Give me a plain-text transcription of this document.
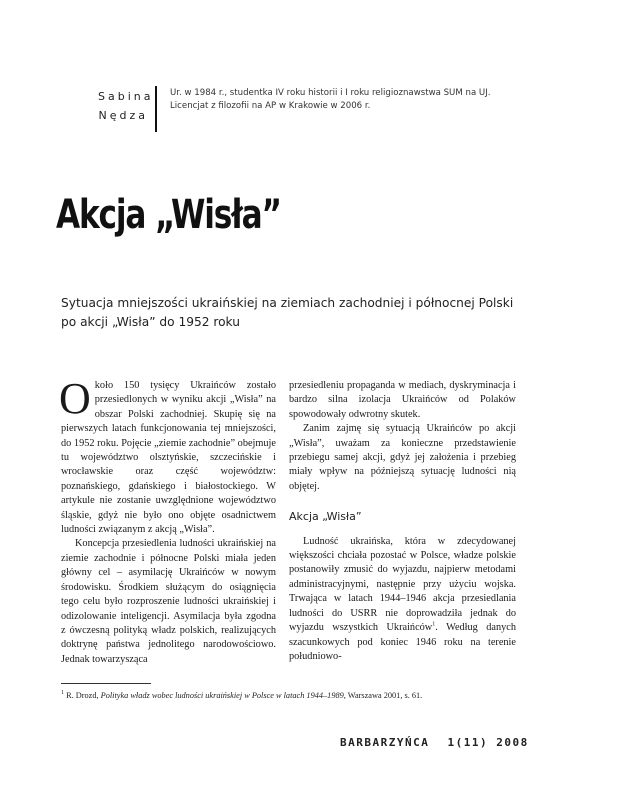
Sabina
Nędza
Ur. w 1984 r., studentka IV roku historii i I roku religioznawstwa SUM na UJ. Licencjat z filozofii na AP w Krakowie w 2006 r.
Akcja „Wisła”
Sytuacja mniejszości ukraińskiej na ziemiach zachodniej i północnej Polski po akcji „Wisła” do 1952 roku

Około 150 tysięcy Ukraińców zostało przesiedlonych w wyniku akcji „Wisła” na obszar Polski zachodniej. Skupię się na pierwszych latach funkcjonowania tej mniejszości, do 1952 roku. Pojęcie „ziemie zachodnie” obejmuje tu województwo olsztyńskie, szczecińskie i wrocławskie oraz część województw: poznańskiego, gdańskiego i białostockiego. W artykule nie zostanie uwzględnione województwo śląskie, gdyż nie było ono objęte osadnictwem ludności związanym z akcją „Wisła”.

Koncepcja przesiedlenia ludności ukraińskiej na ziemie zachodnie i północne Polski miała jeden główny cel – asymilację Ukraińców w nowym środowisku. Środkiem służącym do osiągnięcia tego celu było rozproszenie ludności ukraińskiej i odizolowanie inteligencji. Asymilacja była zgodna z ówczesną polityką władz polskich, realizujących doktrynę państwa jednolitego narodowościowo. Jednak towarzysząca

przesiedleniu propaganda w mediach, dyskryminacja i bardzo silna izolacja Ukraińców od Polaków spowodowały odwrotny skutek.

Zanim zajmę się sytuacją Ukraińców po akcji „Wisła”, uważam za konieczne przedstawienie przebiegu samej akcji, gdyż jej założenia i przebieg miały wpływ na późniejszą sytuację ludności nią objętej.

Akcja „Wisła”

Ludność ukraińska, która w zdecydowanej większości chciała pozostać w Polsce, władze polskie postanowiły zmusić do wyjazdu, najpierw metodami administracyjnymi, następnie przy użyciu wojska. Trwająca w latach 1944–1946 akcja przesiedlania ludności do USRR nie doprowadziła jednak do wyjazdu wszystkich Ukraińców$^1$. Według danych szacunkowych pod koniec 1946 roku na terenie południowo-

$^1$ R. Drozd, Polityka władz wobec ludności ukraińskiej w Polsce w latach 1944–1989, Warszawa 2001, s. 61.
BARBARZYŃCA 1(11) 2008
